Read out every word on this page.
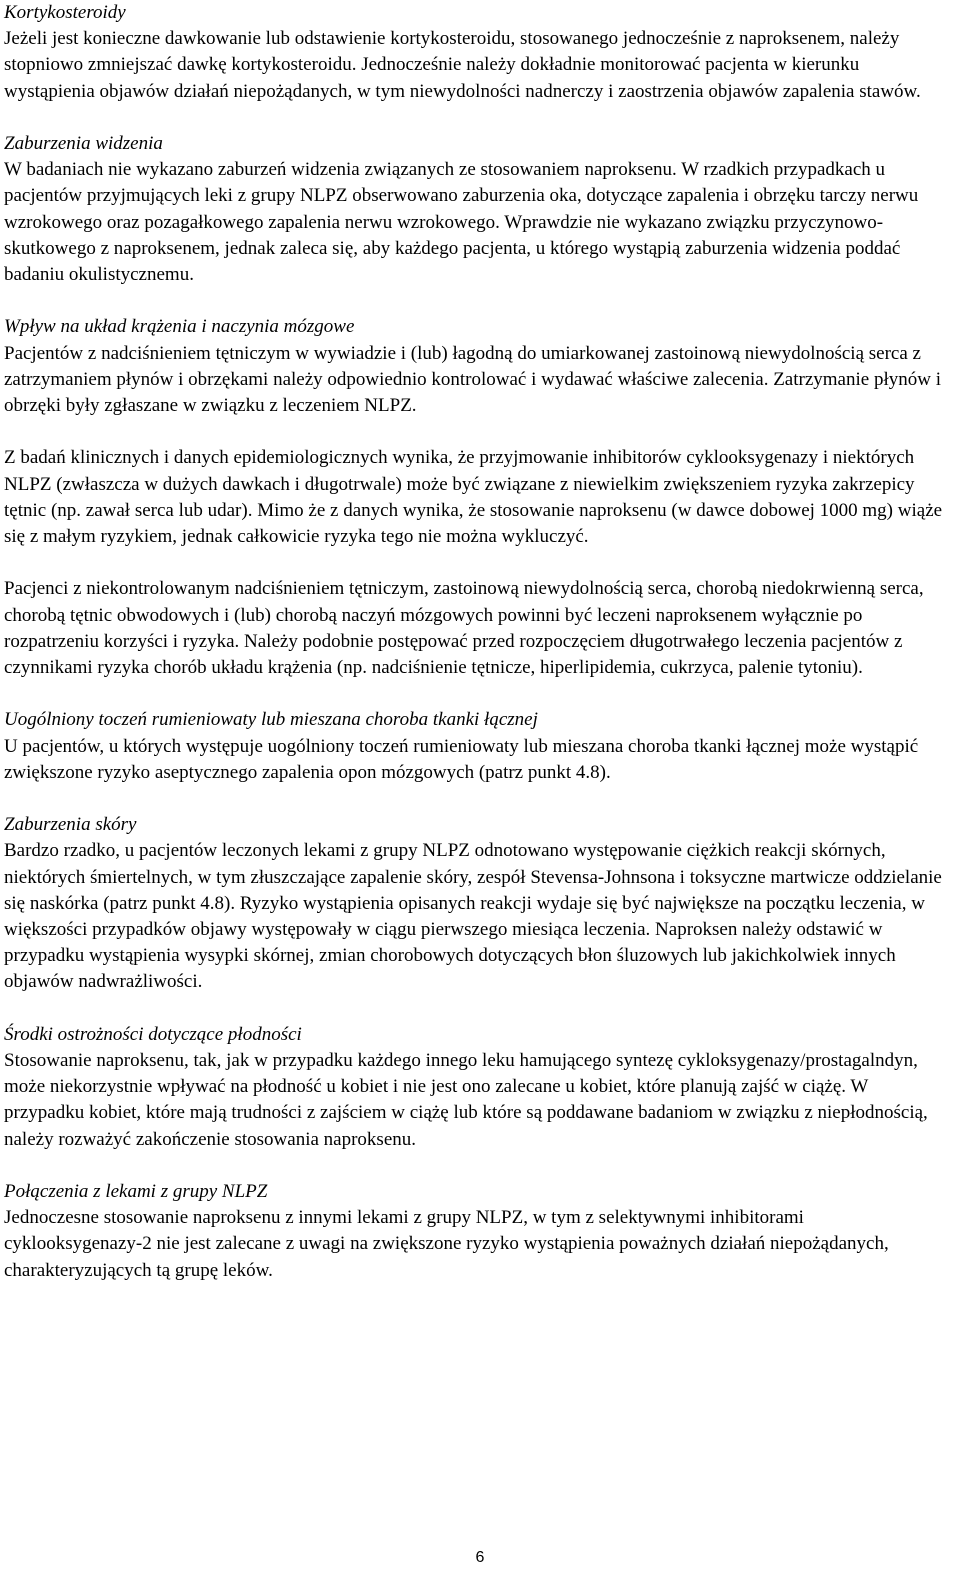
Kortykosteroidy

Jeżeli jest konieczne dawkowanie lub odstawienie kortykosteroidu, stosowanego jednocześnie z naproksenem, należy stopniowo zmniejszać dawkę kortykosteroidu. Jednocześnie należy dokładnie monitorować pacjenta w kierunku wystąpienia objawów działań niepożądanych, w tym niewydolności nadnerczy i zaostrzenia objawów zapalenia stawów.

Zaburzenia widzenia

W badaniach nie wykazano zaburzeń widzenia związanych ze stosowaniem naproksenu. W rzadkich przypadkach u pacjentów przyjmujących leki z grupy NLPZ obserwowano zaburzenia oka, dotyczące zapalenia i obrzęku tarczy nerwu wzrokowego oraz pozagałkowego zapalenia nerwu wzrokowego. Wprawdzie nie wykazano związku przyczynowo-skutkowego z naproksenem, jednak zaleca się, aby każdego pacjenta, u którego wystąpią zaburzenia widzenia poddać badaniu okulistycznemu.

Wpływ na układ krążenia i naczynia mózgowe

Pacjentów z nadciśnieniem tętniczym w wywiadzie i (lub) łagodną do umiarkowanej zastoinową niewydolnością serca z zatrzymaniem płynów i obrzękami należy odpowiednio kontrolować i wydawać właściwe zalecenia. Zatrzymanie płynów i obrzęki były zgłaszane w związku z leczeniem NLPZ.

Z badań klinicznych i danych epidemiologicznych wynika, że przyjmowanie inhibitorów cyklooksygenazy i niektórych NLPZ (zwłaszcza w dużych dawkach i długotrwale) może być związane z niewielkim zwiększeniem ryzyka zakrzepicy tętnic (np. zawał serca lub udar). Mimo że z danych wynika, że stosowanie naproksenu (w dawce dobowej 1000 mg) wiąże się z małym ryzykiem, jednak całkowicie ryzyka tego nie można wykluczyć.

Pacjenci z niekontrolowanym nadciśnieniem tętniczym, zastoinową niewydolnością serca, chorobą niedokrwienną serca, chorobą tętnic obwodowych i (lub) chorobą naczyń mózgowych powinni być leczeni naproksenem wyłącznie po rozpatrzeniu korzyści i ryzyka. Należy podobnie postępować przed rozpoczęciem długotrwałego leczenia pacjentów z czynnikami ryzyka chorób układu krążenia (np. nadciśnienie tętnicze, hiperlipidemia, cukrzyca, palenie tytoniu).

Uogólniony toczeń rumieniowaty lub mieszana choroba tkanki łącznej

U pacjentów, u których występuje uogólniony toczeń rumieniowaty lub mieszana choroba tkanki łącznej może wystąpić zwiększone ryzyko aseptycznego zapalenia opon mózgowych (patrz punkt 4.8).

Zaburzenia skóry

Bardzo rzadko, u pacjentów leczonych lekami z grupy NLPZ odnotowano występowanie ciężkich reakcji skórnych, niektórych śmiertelnych, w tym złuszczające zapalenie skóry, zespół Stevensa-Johnsona i toksyczne martwicze oddzielanie się naskórka (patrz punkt 4.8). Ryzyko wystąpienia opisanych reakcji wydaje się być największe na początku leczenia, w większości przypadków objawy występowały w ciągu pierwszego miesiąca leczenia. Naproksen należy odstawić w przypadku wystąpienia wysypki skórnej, zmian chorobowych dotyczących błon śluzowych lub jakichkolwiek innych objawów nadwrażliwości.

Środki ostrożności dotyczące płodności

Stosowanie naproksenu, tak, jak w przypadku każdego innego leku hamującego syntezę cykloksygenazy/prostagalndyn, może niekorzystnie wpływać na płodność u kobiet i nie jest ono zalecane u kobiet, które planują zajść w ciążę. W przypadku kobiet, które mają trudności z zajściem w ciążę lub które są poddawane badaniom w związku z niepłodnością, należy rozważyć zakończenie stosowania naproksenu.

Połączenia z lekami z grupy NLPZ

Jednoczesne stosowanie naproksenu z innymi lekami z grupy NLPZ, w tym z selektywnymi inhibitorami cyklooksygenazy-2 nie jest zalecane z uwagi na zwiększone ryzyko wystąpienia poważnych działań niepożądanych, charakteryzujących tą grupę leków.

6
